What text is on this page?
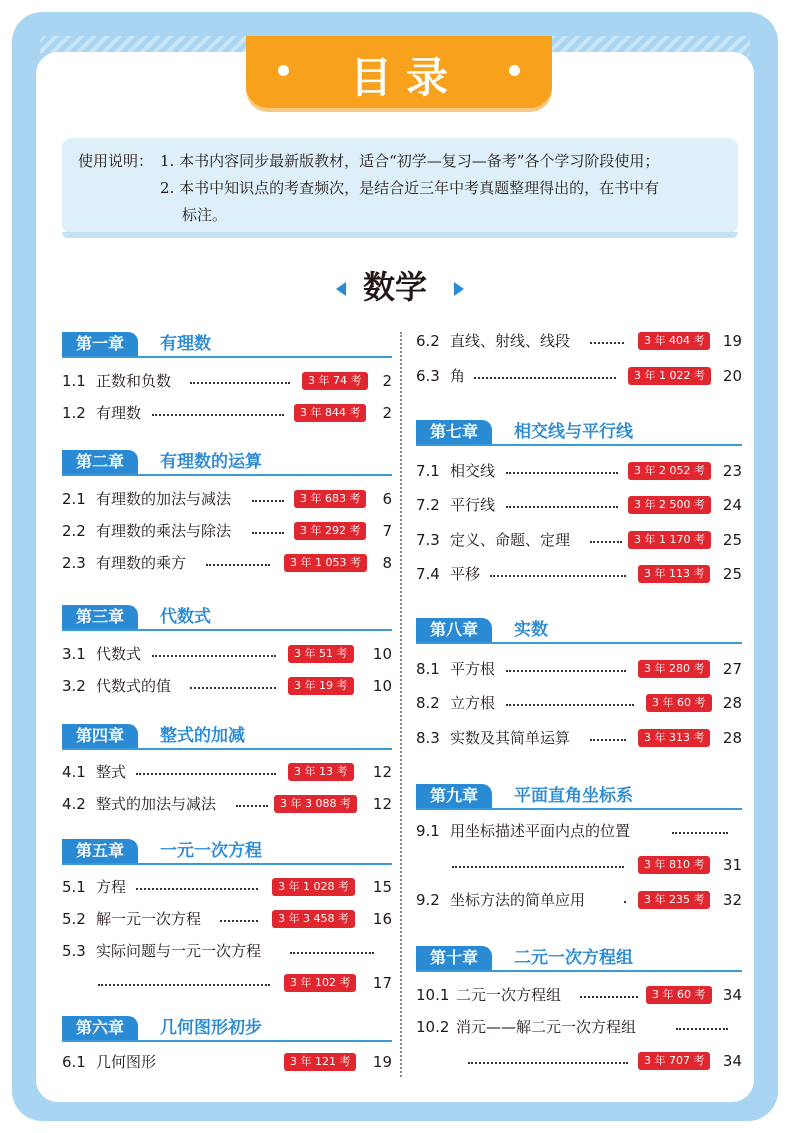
目录
使用说明： 1. 本书内容同步最新版教材，适合“初学—复习—备考”各个学习阶段使用；
2. 本书中知识点的考查频次，是结合近三年中考真题整理得出的，在书中有
标注。
数学
第一章	有理数
1.1 正数和负数	3 年 74 考	2
1.2 有理数	3 年 844 考	2
第二章	有理数的运算
2.1 有理数的加法与减法	3 年 683 考	6
2.2 有理数的乘法与除法	3 年 292 考	7
2.3 有理数的乘方	3 年 1 053 考	8
第三章	代数式
3.1 代数式	3 年 51 考	10
3.2 代数式的值	3 年 19 考	10
第四章	整式的加减
4.1 整式	3 年 13 考	12
4.2 整式的加法与减法	3 年 3 088 考	12
第五章	一元一次方程
5.1 方程	3 年 1 028 考	15
5.2 解一元一次方程	3 年 3 458 考	16
5.3 实际问题与一元一次方程
3 年 102 考	17
第六章	几何图形初步
6.1 几何图形	3 年 121 考	19
6.2 直线、射线、线段	3 年 404 考	19
6.3 角	3 年 1 022 考	20
第七章	相交线与平行线
7.1 相交线	3 年 2 052 考	23
7.2 平行线	3 年 2 500 考	24
7.3 定义、命题、定理	3 年 1 170 考	25
7.4 平移	3 年 113 考	25
第八章	实数
8.1 平方根	3 年 280 考	27
8.2 立方根	3 年 60 考	28
8.3 实数及其简单运算	3 年 313 考	28
第九章	平面直角坐标系
9.1 用坐标描述平面内点的位置
3 年 810 考	31
9.2 坐标方法的简单应用	3 年 235 考	32
第十章	二元一次方程组
10.1 二元一次方程组	3 年 60 考	34
10.2 消元——解二元一次方程组
3 年 707 考	34
